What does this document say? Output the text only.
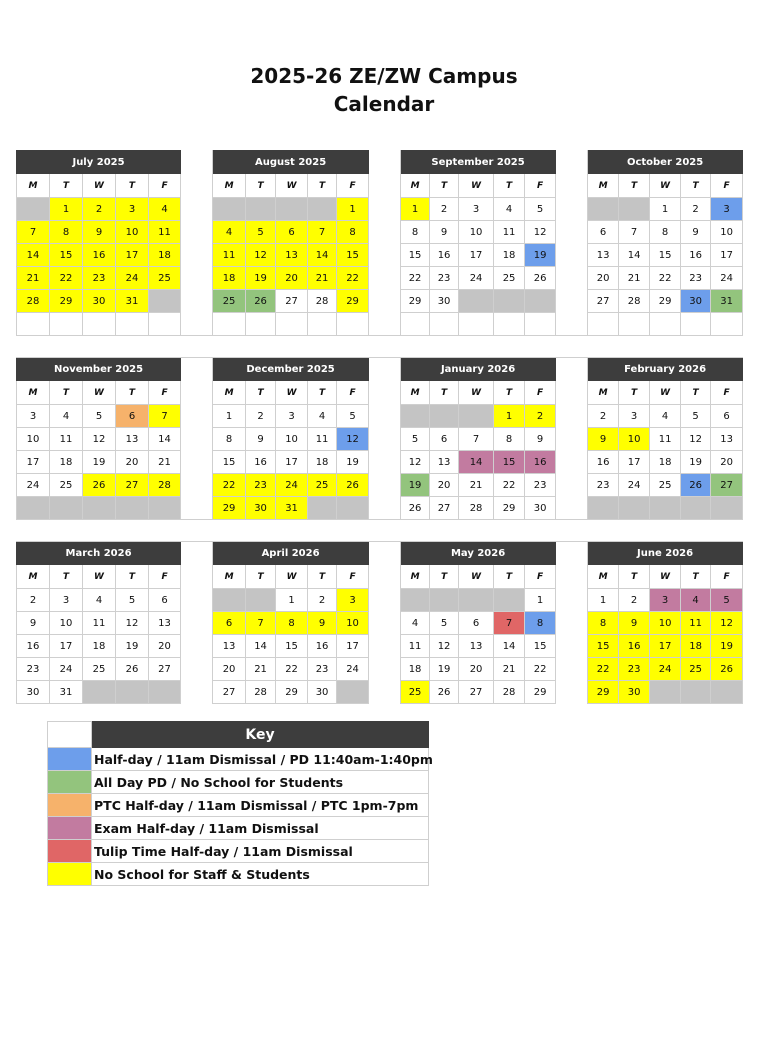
2025-26 ZE/ZW Campus
Calendar
July 2025						August 2025						September 2025						October 2025				
M	T	W	T	F		M	T	W	T	F		M	T	W	T	F		M	T	W	T	F
	1	2	3	4						1		1	2	3	4	5				1	2	3
7	8	9	10	11		4	5	6	7	8		8	9	10	11	12		6	7	8	9	10
14	15	16	17	18		11	12	13	14	15		15	16	17	18	19		13	14	15	16	17
21	22	23	24	25		18	19	20	21	22		22	23	24	25	26		20	21	22	23	24
28	29	30	31			25	26	27	28	29		29	30					27	28	29	30	31

November 2025						December 2025						January 2026						February 2026				
M	T	W	T	F		M	T	W	T	F		M	T	W	T	F		M	T	W	T	F
3	4	5	6	7		1	2	3	4	5					1	2		2	3	4	5	6
10	11	12	13	14		8	9	10	11	12		5	6	7	8	9		9	10	11	12	13
17	18	19	20	21		15	16	17	18	19		12	13	14	15	16		16	17	18	19	20
24	25	26	27	28		22	23	24	25	26		19	20	21	22	23		23	24	25	26	27
						29	30	31				26	27	28	29	30						

March 2026						April 2026						May 2026						June 2026				
M	T	W	T	F		M	T	W	T	F		M	T	W	T	F		M	T	W	T	F
2	3	4	5	6				1	2	3						1		1	2	3	4	5
9	10	11	12	13		6	7	8	9	10		4	5	6	7	8		8	9	10	11	12
16	17	18	19	20		13	14	15	16	17		11	12	13	14	15		15	16	17	18	19
23	24	25	26	27		20	21	22	23	24		18	19	20	21	22		22	23	24	25	26
30	31					27	28	29	30			25	26	27	28	29		29	30			
	Key
	Half-day / 11am Dismissal / PD 11:40am-1:40pm
	All Day PD / No School for Students
	PTC Half-day / 11am Dismissal / PTC 1pm-7pm
	Exam Half-day / 11am Dismissal
	Tulip Time Half-day / 11am Dismissal
	No School for Staff & Students
